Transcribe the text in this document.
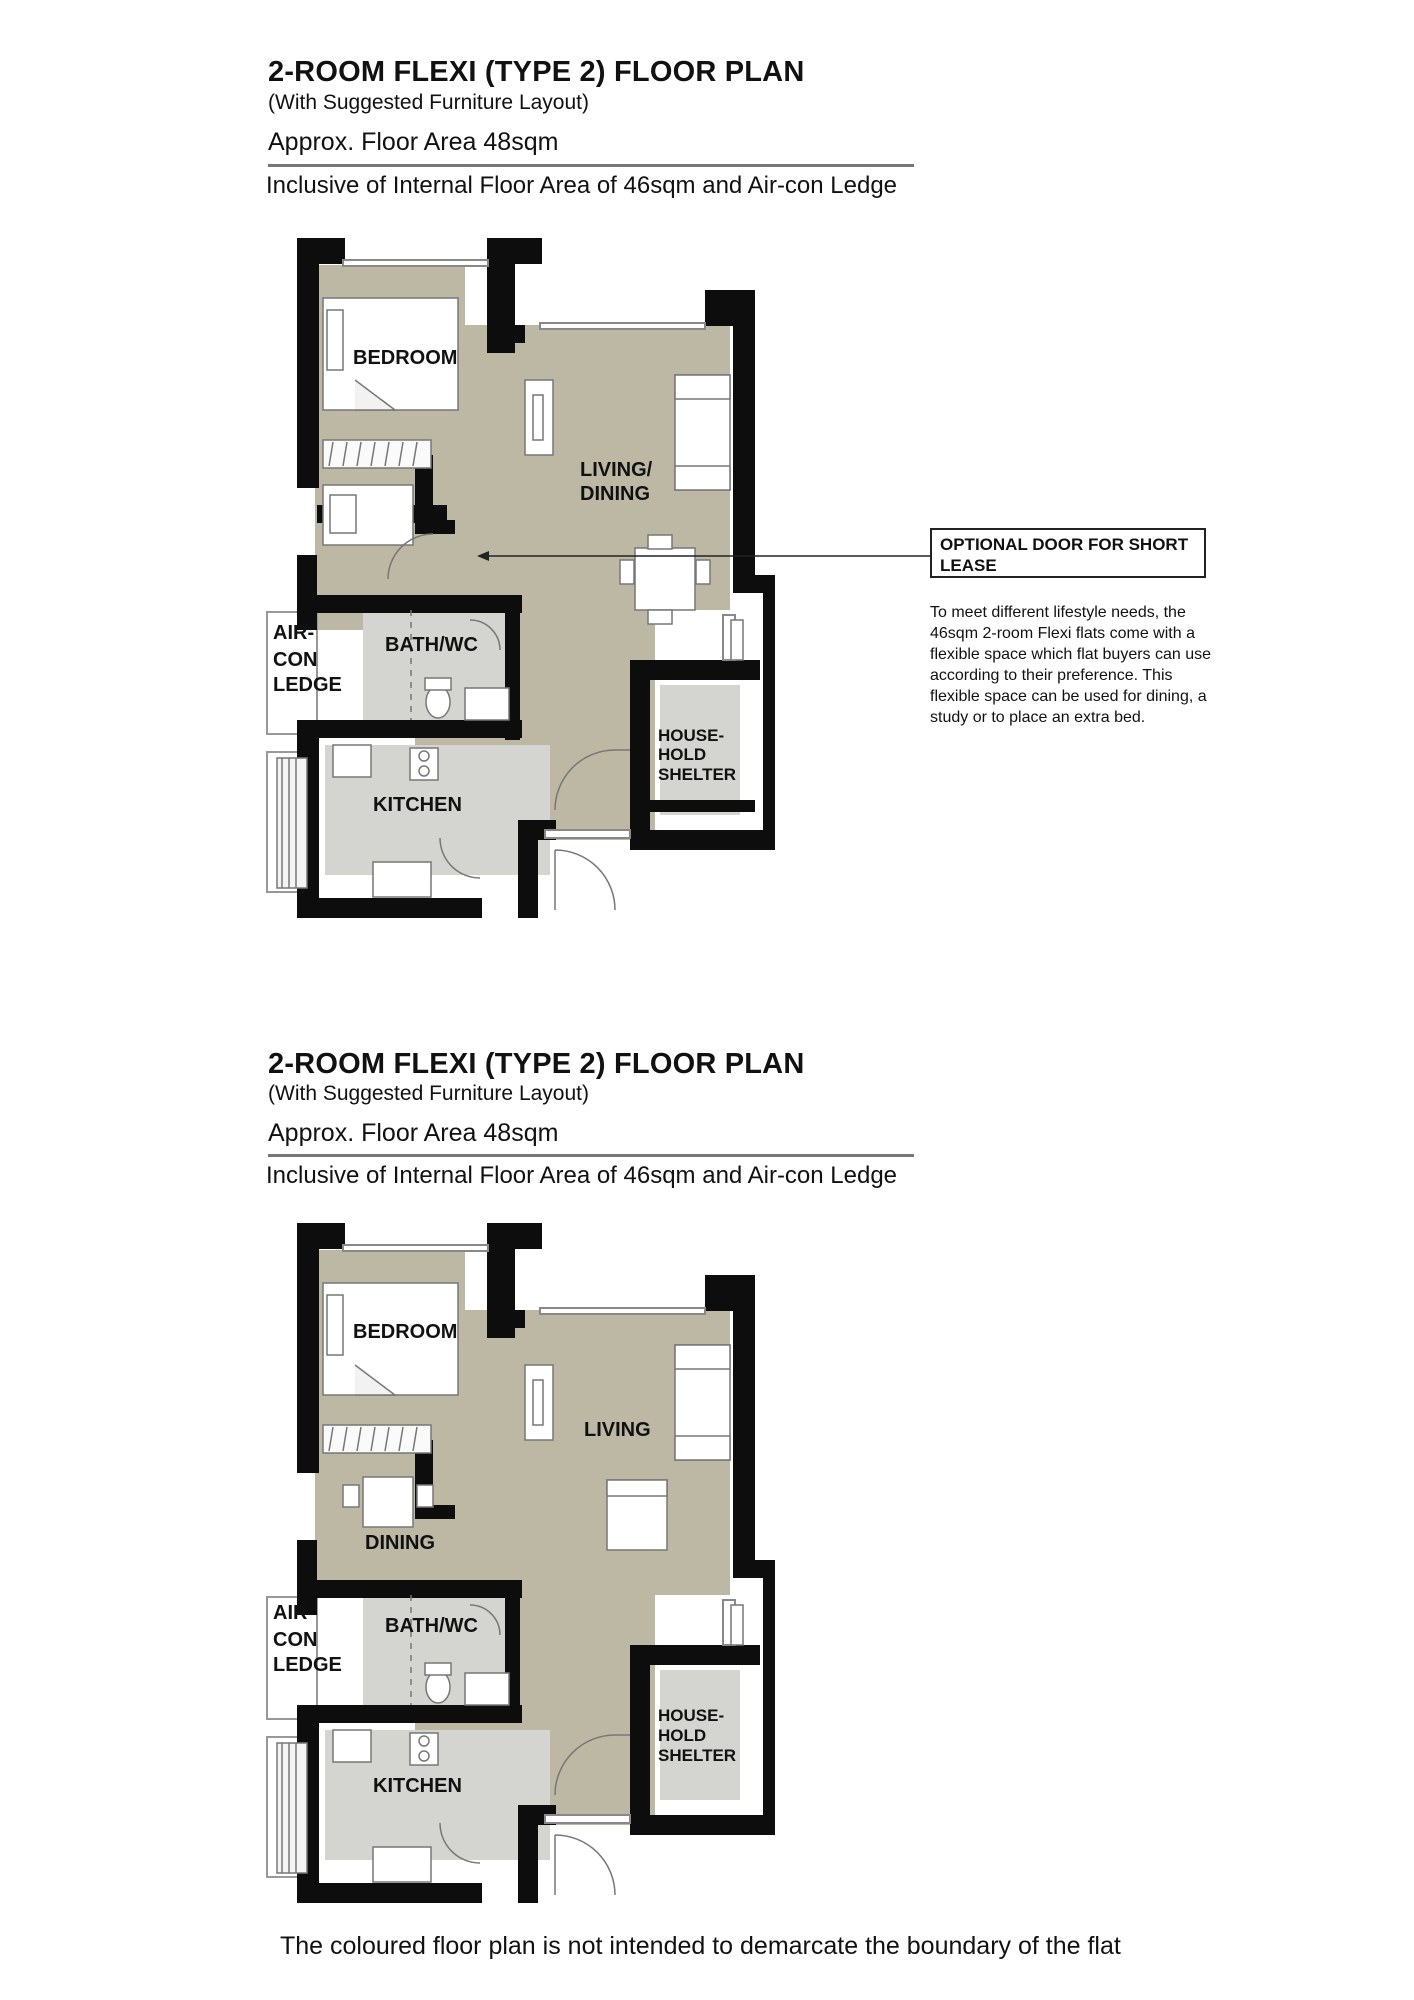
2-ROOM FLEXI (TYPE 2) FLOOR PLAN
(With Suggested Furniture Layout)
Approx. Floor Area 48sqm
Inclusive of Internal Floor Area of 46sqm and Air-con Ledge
BEDROOM
LIVING/
DINING
BATH/WC
AIR-
CON
LEDGE
KITCHEN
HOUSE-
HOLD
SHELTER
OPTIONAL DOOR FOR SHORT
LEASE
To meet different lifestyle needs, the
46sqm 2-room Flexi flats come with a
flexible space which flat buyers can use
according to their preference. This
flexible space can be used for dining, a
study or to place an extra bed.
2-ROOM FLEXI (TYPE 2) FLOOR PLAN
(With Suggested Furniture Layout)
Approx. Floor Area 48sqm
Inclusive of Internal Floor Area of 46sqm and Air-con Ledge
BEDROOM
LIVING
DINING
BATH/WC
AIR-
CON
LEDGE
KITCHEN
HOUSE-
HOLD
SHELTER
The coloured floor plan is not intended to demarcate the boundary of the flat
